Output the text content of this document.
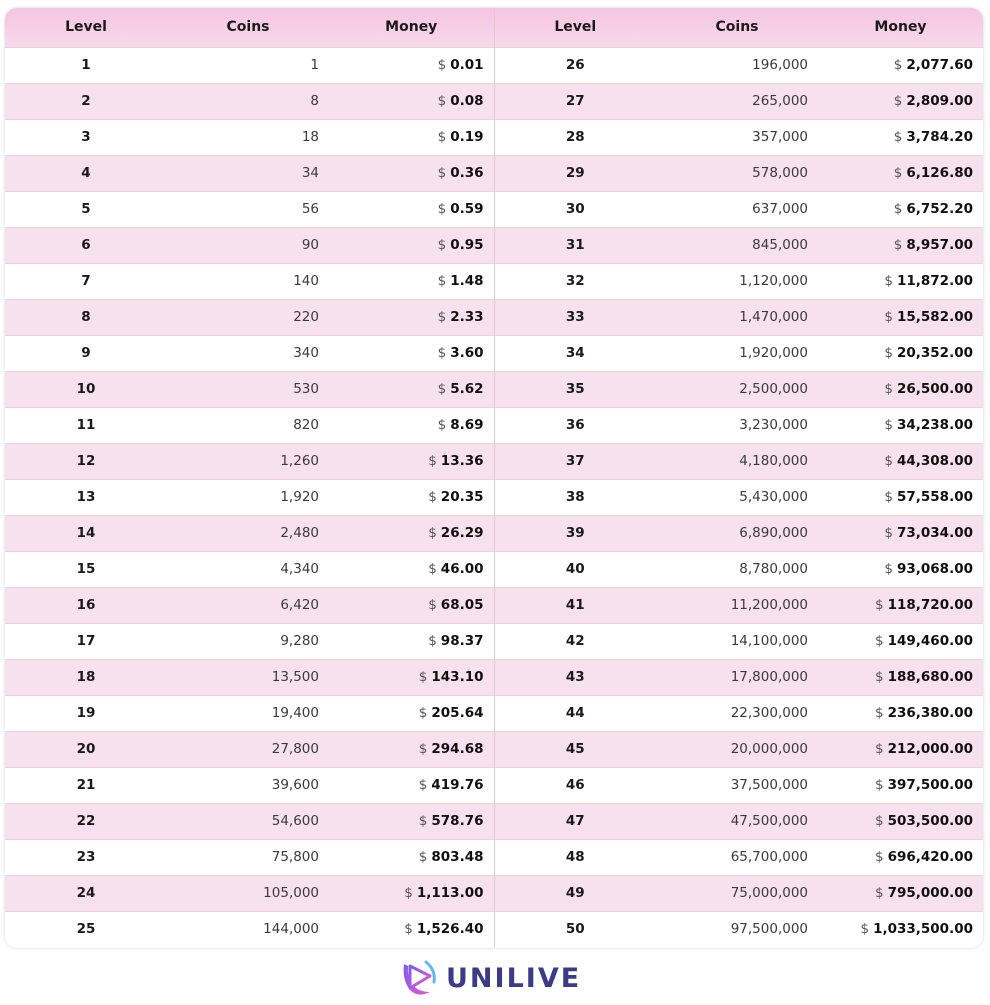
Level	Coins	Money	Level	Coins	Money
1	1	$ 0.01	26	196,000	$ 2,077.60
2	8	$ 0.08	27	265,000	$ 2,809.00
3	18	$ 0.19	28	357,000	$ 3,784.20
4	34	$ 0.36	29	578,000	$ 6,126.80
5	56	$ 0.59	30	637,000	$ 6,752.20
6	90	$ 0.95	31	845,000	$ 8,957.00
7	140	$ 1.48	32	1,120,000	$ 11,872.00
8	220	$ 2.33	33	1,470,000	$ 15,582.00
9	340	$ 3.60	34	1,920,000	$ 20,352.00
10	530	$ 5.62	35	2,500,000	$ 26,500.00
11	820	$ 8.69	36	3,230,000	$ 34,238.00
12	1,260	$ 13.36	37	4,180,000	$ 44,308.00
13	1,920	$ 20.35	38	5,430,000	$ 57,558.00
14	2,480	$ 26.29	39	6,890,000	$ 73,034.00
15	4,340	$ 46.00	40	8,780,000	$ 93,068.00
16	6,420	$ 68.05	41	11,200,000	$ 118,720.00
17	9,280	$ 98.37	42	14,100,000	$ 149,460.00
18	13,500	$ 143.10	43	17,800,000	$ 188,680.00
19	19,400	$ 205.64	44	22,300,000	$ 236,380.00
20	27,800	$ 294.68	45	20,000,000	$ 212,000.00
21	39,600	$ 419.76	46	37,500,000	$ 397,500.00
22	54,600	$ 578.76	47	47,500,000	$ 503,500.00
23	75,800	$ 803.48	48	65,700,000	$ 696,420.00
24	105,000	$ 1,113.00	49	75,000,000	$ 795,000.00
25	144,000	$ 1,526.40	50	97,500,000	$ 1,033,500.00
UNILIVE
